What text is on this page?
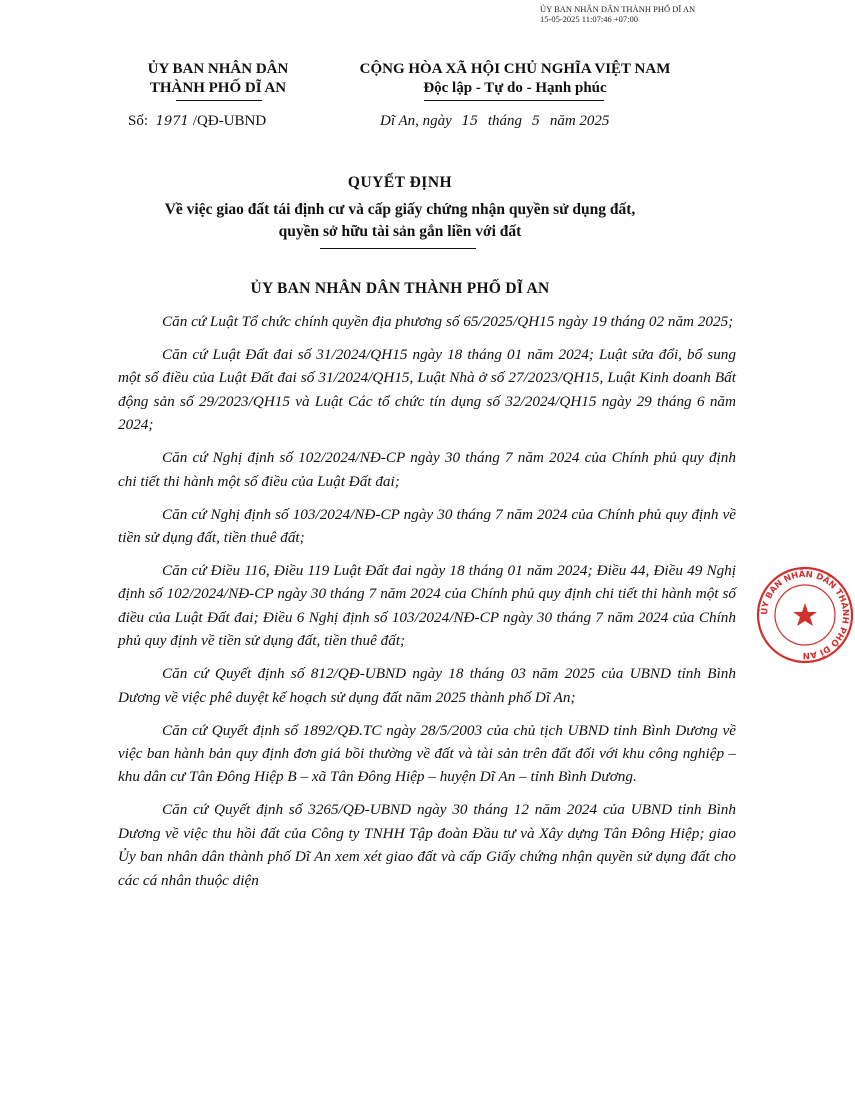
ỦY BAN NHÂN DÂN THÀNH PHỐ DĨ AN
15-05-2025 11:07:46 +07:00
ỦY BAN NHÂN DÂN
THÀNH PHỐ DĨ AN
Số: 1971 /QĐ-UBND
CỘNG HÒA XÃ HỘI CHỦ NGHĨA VIỆT NAM
Độc lập - Tự do - Hạnh phúc
Dĩ An, ngày 15 tháng 5 năm 2025
QUYẾT ĐỊNH
Về việc giao đất tái định cư và cấp giấy chứng nhận quyền sử dụng đất,
quyền sở hữu tài sản gắn liền với đất
ỦY BAN NHÂN DÂN THÀNH PHỐ DĨ AN

Căn cứ Luật Tổ chức chính quyền địa phương số 65/2025/QH15 ngày 19 tháng 02 năm 2025;

Căn cứ Luật Đất đai số 31/2024/QH15 ngày 18 tháng 01 năm 2024; Luật sửa đổi, bổ sung một số điều của Luật Đất đai số 31/2024/QH15, Luật Nhà ở số 27/2023/QH15, Luật Kinh doanh Bất động sản số 29/2023/QH15 và Luật Các tổ chức tín dụng số 32/2024/QH15 ngày 29 tháng 6 năm 2024;

Căn cứ Nghị định số 102/2024/NĐ-CP ngày 30 tháng 7 năm 2024 của Chính phủ quy định chi tiết thi hành một số điều của Luật Đất đai;

Căn cứ Nghị định số 103/2024/NĐ-CP ngày 30 tháng 7 năm 2024 của Chính phủ quy định về tiền sử dụng đất, tiền thuê đất;

Căn cứ Điều 116, Điều 119 Luật Đất đai ngày 18 tháng 01 năm 2024; Điều 44, Điều 49 Nghị định số 102/2024/NĐ-CP ngày 30 tháng 7 năm 2024 của Chính phủ quy định chi tiết thi hành một số điều của Luật Đất đai; Điều 6 Nghị định số 103/2024/NĐ-CP ngày 30 tháng 7 năm 2024 của Chính phủ quy định về tiền sử dụng đất, tiền thuê đất;

Căn cứ Quyết định số 812/QĐ-UBND ngày 18 tháng 03 năm 2025 của UBND tỉnh Bình Dương về việc phê duyệt kế hoạch sử dụng đất năm 2025 thành phố Dĩ An;

Căn cứ Quyết định số 1892/QĐ.TC ngày 28/5/2003 của chủ tịch UBND tỉnh Bình Dương về việc ban hành bản quy định đơn giá bồi thường về đất và tài sản trên đất đối với khu công nghiệp – khu dân cư Tân Đông Hiệp B – xã Tân Đông Hiệp – huyện Dĩ An – tỉnh Bình Dương.

Căn cứ Quyết định số 3265/QĐ-UBND ngày 30 tháng 12 năm 2024 của UBND tỉnh Bình Dương về việc thu hồi đất của Công ty TNHH Tập đoàn Đầu tư và Xây dựng Tân Đông Hiệp; giao Ủy ban nhân dân thành phố Dĩ An xem xét giao đất và cấp Giấy chứng nhận quyền sử dụng đất cho các cá nhân thuộc diện

ỦY BAN NHÂN DÂN THÀNH PHỐ DĨ AN
